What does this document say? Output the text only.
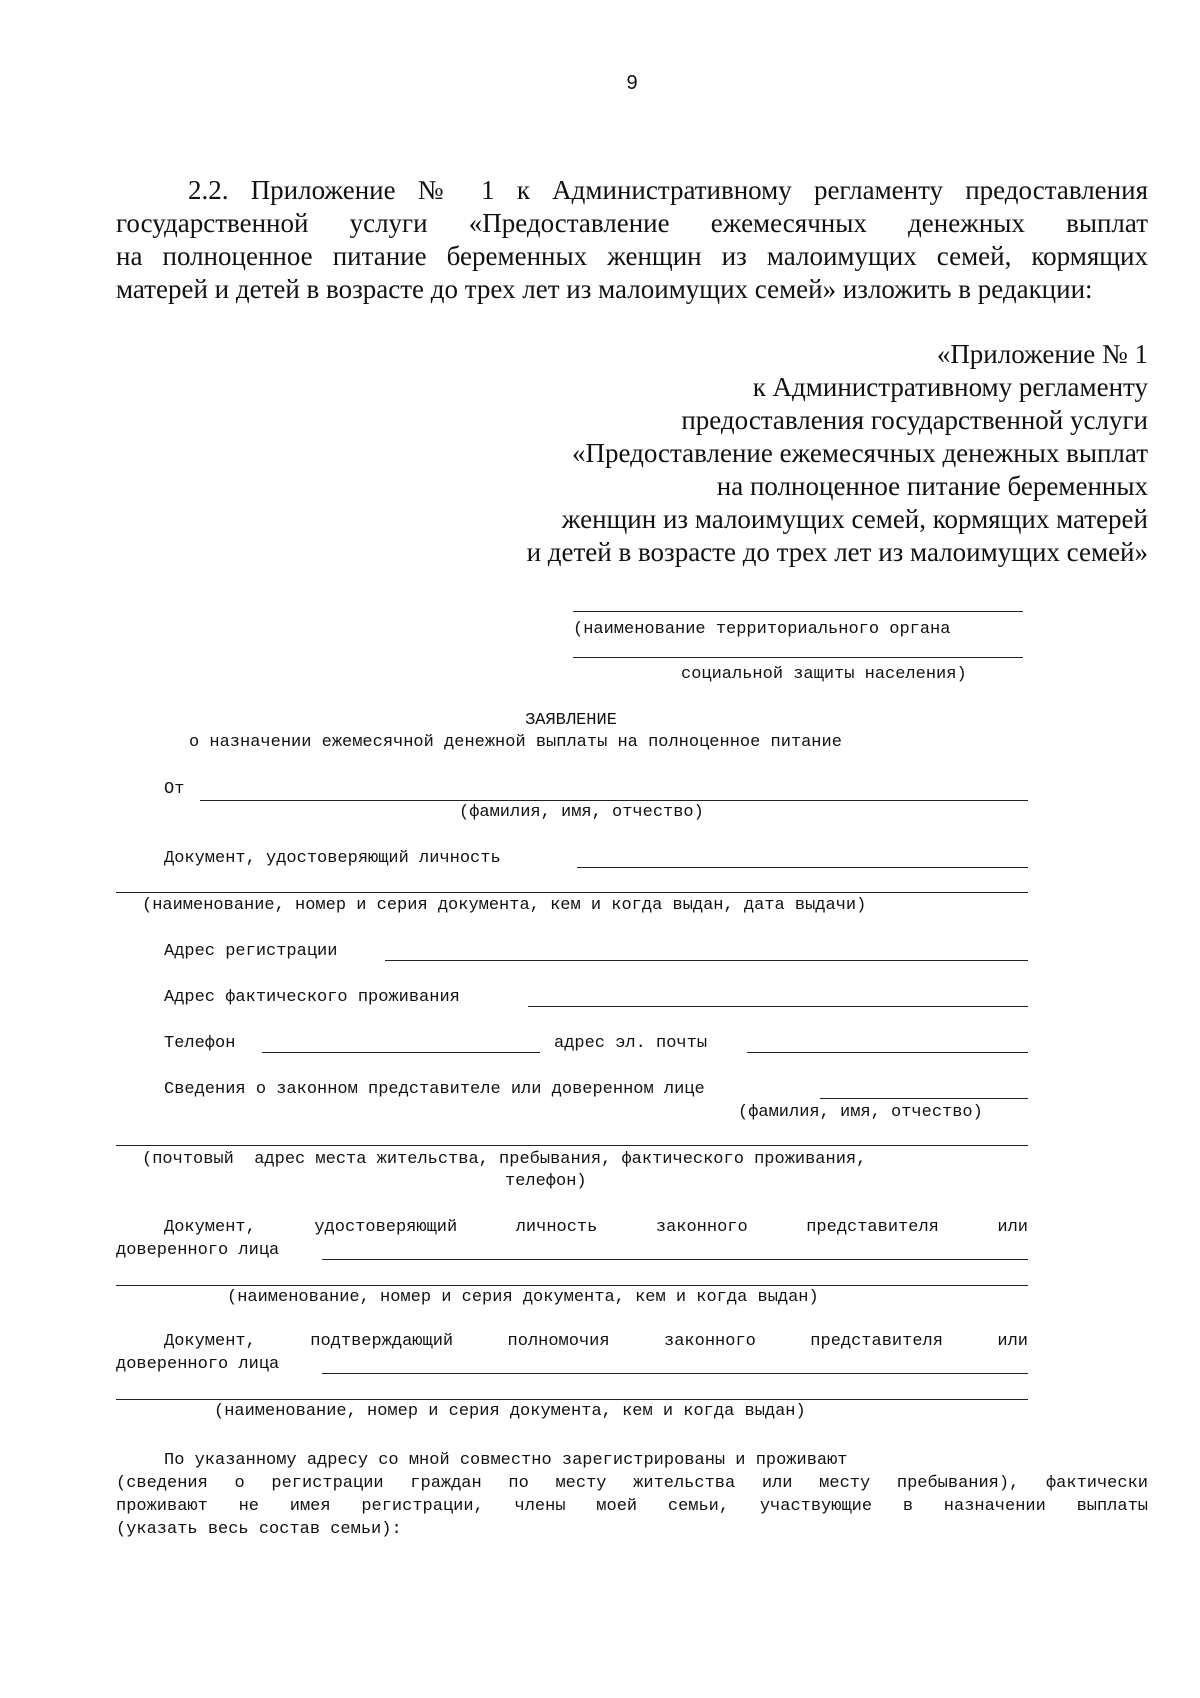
9
2.2. Приложение № 1 к Административному регламенту предоставления
государственной услуги «Предоставление ежемесячных денежных выплат
на полноценное питание беременных женщин из малоимущих семей, кормящих
матерей и детей в возрасте до трех лет из малоимущих семей» изложить в редакции:
«Приложение № 1
к Административному регламенту
предоставления государственной услуги
«Предоставление ежемесячных денежных выплат
на полноценное питание беременных
женщин из малоимущих семей, кормящих матерей
и детей в возрасте до трех лет из малоимущих семей»
(наименование территориального органа
социальной защиты населения)
ЗАЯВЛЕНИЕ
о назначении ежемесячной денежной выплаты на полноценное питание
От
(фамилия, имя, отчество)
Документ, удостоверяющий личность
(наименование, номер и серия документа, кем и когда выдан, дата выдачи)
Адрес регистрации
Адрес фактического проживания
Телефон	адрес эл. почты
Сведения о законном представителе или доверенном лице
(фамилия, имя, отчество)
(почтовый  адрес места жительства, пребывания, фактического проживания,
телефон)
Документ, удостоверяющий личность законного представителя или
доверенного лица
(наименование, номер и серия документа, кем и когда выдан)
Документ, подтверждающий полномочия законного представителя или
доверенного лица
(наименование, номер и серия документа, кем и когда выдан)
По указанному адресу со мной совместно зарегистрированы и проживают
(сведения о регистрации граждан по месту жительства или месту пребывания), фактически
проживают не имея регистрации, члены моей семьи, участвующие в назначении выплаты
(указать весь состав семьи):
